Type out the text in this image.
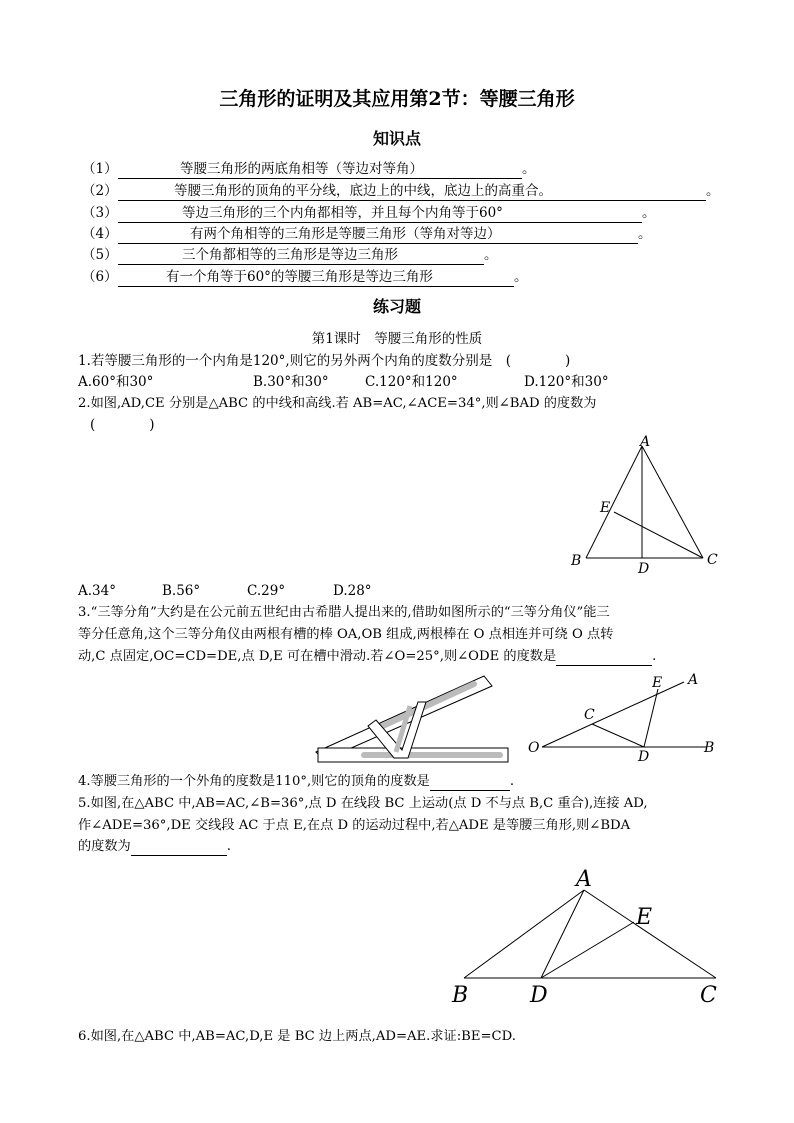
三角形的证明及其应用第2节：等腰三角形
知识点
（1）	等腰三角形的两底角相等（等边对等角）	。
（2）	等腰三角形的顶角的平分线，底边上的中线，底边上的高重合。	。
（3）	等边三角形的三个内角都相等，并且每个内角等于60°	。
（4）	有两个角相等的三角形是等腰三角形（等角对等边）	。
（5）	三个角都相等的三角形是等边三角形	。
（6）	有一个角等于60°的等腰三角形是等边三角形	。
练习题
第1课时　等腰三角形的性质
1.若等腰三角形的一个内角是120°,则它的另外两个内角的度数分别是　(　　　　)
A.60°和30°	B.30°和30°	C.120°和120°	D.120°和30°
2.如图,AD,CE 分别是△ABC 的中线和高线.若 AB=AC,∠ACE=34°,则∠BAD 的度数为
(　　　　)
A
E
B	C
D
A.34°	B.56°	C.29°	D.28°
3.“三等分角”大约是在公元前五世纪由古希腊人提出来的,借助如图所示的“三等分角仪”能三
等分任意角,这个三等分角仪由两根有槽的棒 OA,OB 组成,两根棒在 O 点相连并可绕 O 点转
动,C 点固定,OC=CD=DE,点 D,E 可在槽中滑动.若∠O=25°,则∠ODE 的度数是	.
O
A
B
C
D
E
4.等腰三角形的一个外角的度数是110°,则它的顶角的度数是	.
5.如图,在△ABC 中,AB=AC,∠B=36°,点 D 在线段 BC 上运动(点 D 不与点 B,C 重合),连接 AD,
作∠ADE=36°,DE 交线段 AC 于点 E,在点 D 的运动过程中,若△ADE 是等腰三角形,则∠BDA
的度数为	.
A
E
B	D	C
6.如图,在△ABC 中,AB=AC,D,E 是 BC 边上两点,AD=AE.求证:BE=CD.
